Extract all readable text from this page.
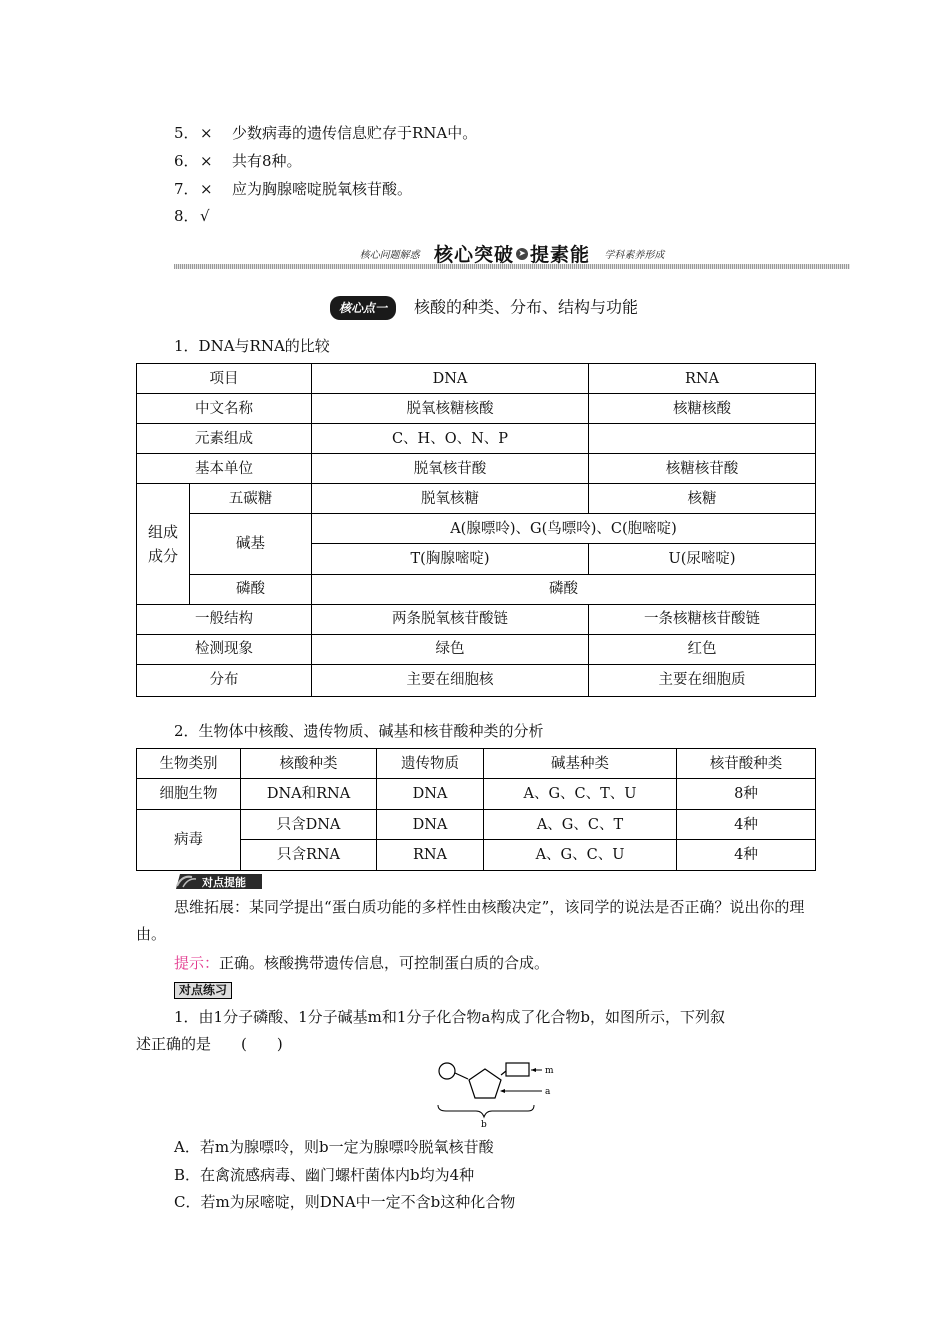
5．× 少数病毒的遗传信息贮存于RNA中。
6．× 共有8种。
7．× 应为胸腺嘧啶脱氧核苷酸。
8．√
核心问题解惑 核心突破 ➤ 提素能 学科素养形成
核心点一 核酸的种类、分布、结构与功能
1．DNA与RNA的比较
项目		DNA	RNA
中文名称		脱氧核糖核酸	核糖核酸
元素组成		C、H、O、N、P	
基本单位		脱氧核苷酸	核糖核苷酸
组成成分	五碳糖	脱氧核糖	核糖
	碱基	A(腺嘌呤)、G(鸟嘌呤)、C(胞嘧啶)	
		T(胸腺嘧啶)	U(尿嘧啶)
	磷酸	磷酸	
一般结构		两条脱氧核苷酸链	一条核糖核苷酸链
检测现象		绿色	红色
分布		主要在细胞核	主要在细胞质
2．生物体中核酸、遗传物质、碱基和核苷酸种类的分析
生物类别	核酸种类	遗传物质	碱基种类	核苷酸种类
细胞生物	DNA和RNA	DNA	A、G、C、T、U	8种
病毒	只含DNA	DNA	A、G、C、T	4种
	只含RNA	RNA	A、G、C、U	4种
对点提能
思维拓展：某同学提出“蛋白质功能的多样性由核酸决定”，该同学的说法是否正确？说出你的理由。
提示：正确。核酸携带遗传信息，可控制蛋白质的合成。
对点练习
1．由1分子磷酸、1分子碱基m和1分子化合物a构成了化合物b，如图所示，下列叙
述正确的是　　(　　)
m
a
b
A．若m为腺嘌呤，则b一定为腺嘌呤脱氧核苷酸
B．在禽流感病毒、幽门螺杆菌体内b均为4种
C．若m为尿嘧啶，则DNA中一定不含b这种化合物
